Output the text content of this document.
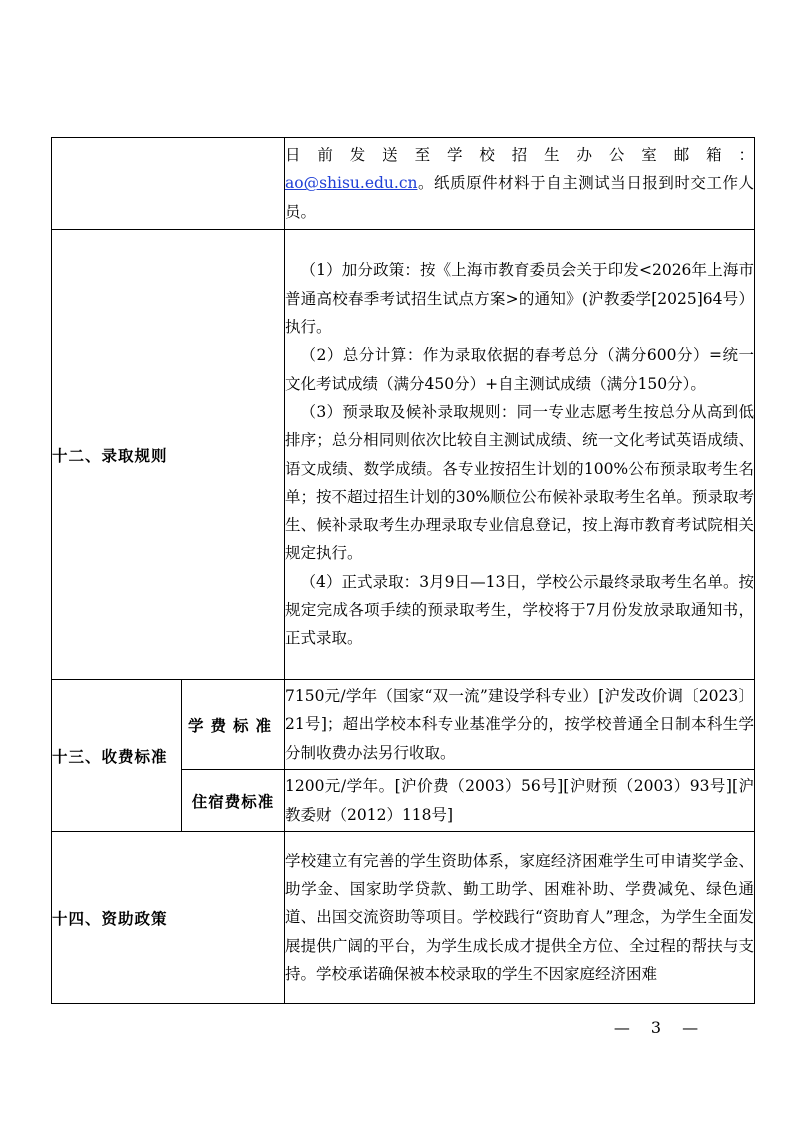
		日前发送至学校招生办公室邮箱：

ao@shisu.edu.cn。纸质原件材料于自主测试当日报到时交工作人员。

十二、录取规则		（1）加分政策：按《上海市教育委员会关于印发<2026年上海市普通高校春季考试招生试点方案>的通知》(沪教委学[2025]64号）执行。

（2）总分计算：作为录取依据的春考总分（满分600分）=统一文化考试成绩（满分450分）+自主测试成绩（满分150分）。

（3）预录取及候补录取规则：同一专业志愿考生按总分从高到低排序；总分相同则依次比较自主测试成绩、统一文化考试英语成绩、语文成绩、数学成绩。各专业按招生计划的100%公布预录取考生名单；按不超过招生计划的30%顺位公布候补录取考生名单。预录取考生、候补录取考生办理录取专业信息登记，按上海市教育考试院相关规定执行。

（4）正式录取：3月9日—13日，学校公示最终录取考生名单。按规定完成各项手续的预录取考生，学校将于7月份发放录取通知书，正式录取。

十三、收费标准	学费标准	7150元/学年（国家“双一流”建设学科专业）[沪发改价调〔2023〕21号]；超出学校本科专业基准学分的，按学校普通全日制本科生学分制收费办法另行收取。
	住宿费标准	1200元/学年。[沪价费（2003）56号][沪财预（2003）93号][沪教委财（2012）118号]
十四、资助政策		学校建立有完善的学生资助体系，家庭经济困难学生可申请奖学金、助学金、国家助学贷款、勤工助学、困难补助、学费减免、绿色通道、出国交流资助等项目。学校践行“资助育人”理念，为学生全面发展提供广阔的平台，为学生成长成才提供全方位、全过程的帮扶与支持。学校承诺确保被本校录取的学生不因家庭经济困难
— 3 —
